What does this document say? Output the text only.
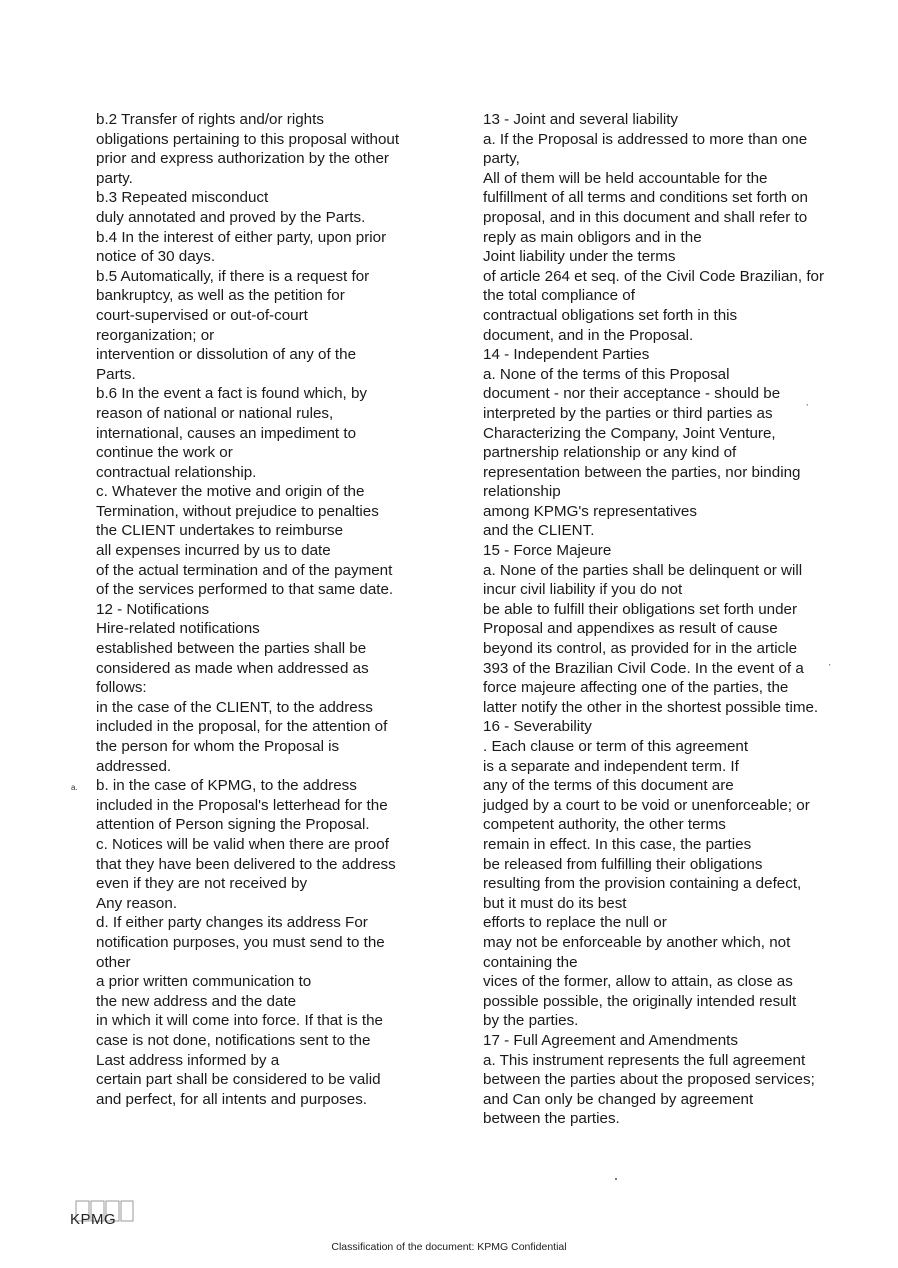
b.2 Transfer of rights and/or rights
obligations pertaining to this proposal without
prior and express authorization by the other
party.
b.3 Repeated misconduct
duly annotated and proved by the Parts.
b.4 In the interest of either party, upon prior
notice of 30 days.
b.5 Automatically, if there is a request for
bankruptcy, as well as the petition for
court-supervised or out-of-court
reorganization; or
intervention or dissolution of any of the
Parts.
b.6 In the event a fact is found which, by
reason of national or national rules,
international, causes an impediment to
continue the work or
contractual relationship.
c. Whatever the motive and origin of the
Termination, without prejudice to penalties
the CLIENT undertakes to reimburse
all expenses incurred by us to date
of the actual termination and of the payment
of the services performed to that same date.
12 - Notifications
Hire-related notifications
established between the parties shall be
considered as made when addressed as
follows:
in the case of the CLIENT, to the address
included in the proposal, for the attention of
the person for whom the Proposal is
addressed.
b. in the case of KPMG, to the address
included in the Proposal's letterhead for the
attention of Person signing the Proposal.
c. Notices will be valid when there are proof
that they have been delivered to the address
even if they are not received by
Any reason.
d. If either party changes its address For
notification purposes, you must send to the
other
a prior written communication to
the new address and the date
in which it will come into force. If that is the
case is not done, notifications sent to the
Last address informed by a
certain part shall be considered to be valid
and perfect, for all intents and purposes.
13 - Joint and several liability
a. If the Proposal is addressed to more than one
party,
All of them will be held accountable for the
fulfillment of all terms and conditions set forth on
proposal, and in this document and shall refer to
reply as main obligors and in the
Joint liability under the terms
of article 264 et seq. of the Civil Code Brazilian, for
the total compliance of
contractual obligations set forth in this
document, and in the Proposal.
14 - Independent Parties
a. None of the terms of this Proposal
document - nor their acceptance - should be
interpreted by the parties or third parties as
Characterizing the Company, Joint Venture,
partnership relationship or any kind of
representation between the parties, nor binding
relationship
among KPMG's representatives
and the CLIENT.
15 - Force Majeure
a. None of the parties shall be delinquent or will
incur civil liability if you do not
be able to fulfill their obligations set forth under
Proposal and appendixes as result of cause
beyond its control, as provided for in the article
393 of the Brazilian Civil Code. In the event of a
force majeure affecting one of the parties, the
latter notify the other in the shortest possible time.
16 - Severability
. Each clause or term of this agreement
is a separate and independent term. If
any of the terms of this document are
judged by a court to be void or unenforceable; or
competent authority, the other terms
remain in effect. In this case, the parties
be released from fulfilling their obligations
resulting from the provision containing a defect,
but it must do its best
efforts to replace the null or
may not be enforceable by another which, not
containing the
vices of the former, allow to attain, as close as
possible possible, the originally intended result
by the parties.
17 - Full Agreement and Amendments
a. This instrument represents the full agreement
between the parties about the proposed services;
and Can only be changed by agreement
between the parties.
a.
,
'
KPMG
Classification of the document: KPMG Confidential
